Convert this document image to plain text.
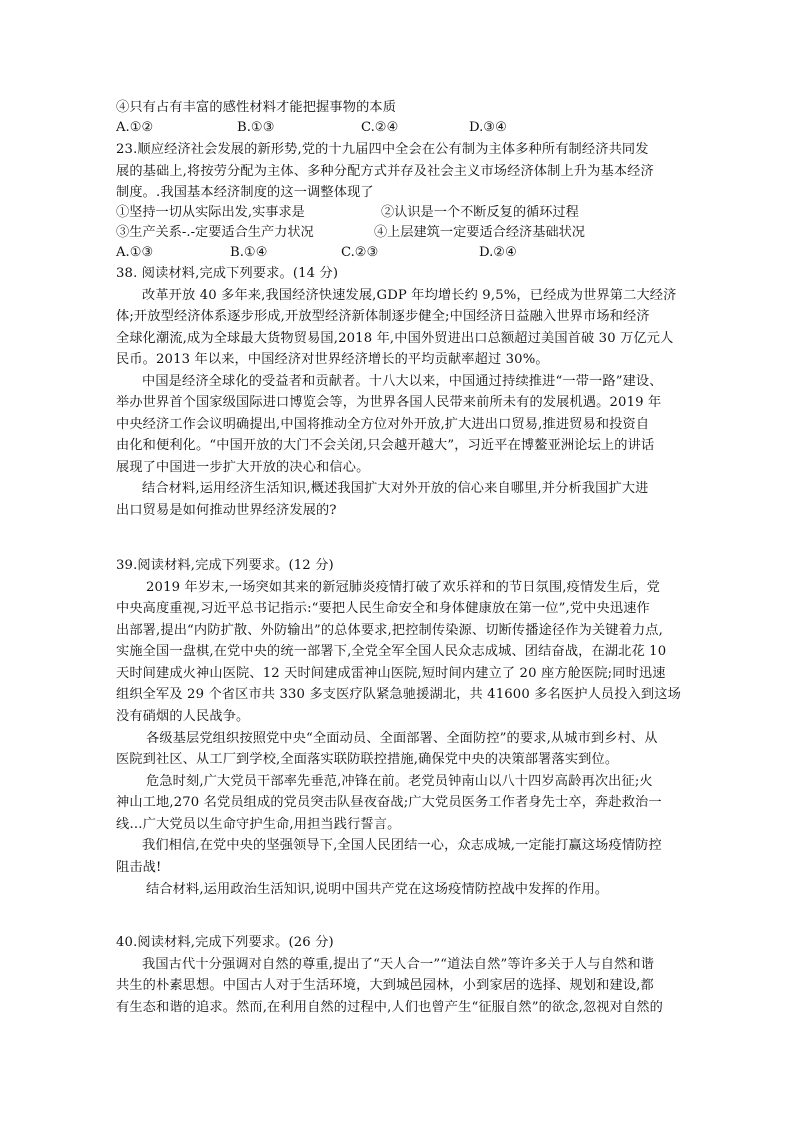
④只有占有丰富的感性材料才能把握事物的本质
A.①②	B.①③	C.②④	D.③④
23.顺应经济社会发展的新形势,党的十九届四中全会在公有制为主体多种所有制经济共同发
展的基础上,将按劳分配为主体、多种分配方式并存及社会主义市场经济体制上升为基本经济
制度。.我国基本经济制度的这一调整体现了
①坚持一切从实际出发,实事求是	②认识是一个不断反复的循环过程
③生产关系-.-定要适合生产力状况	④上层建筑一定要适合经济基础状况
A.①③	B.①④	C.②③	D.②④
38. 阅读材料,完成下列要求。(14 分)
改革开放 40 多年来,我国经济快速发展,GDP 年均增长约 9,5%，已经成为世界第二大经济
体;开放型经济体系逐步形成,开放型经济新体制逐步健全;中国经济日益融入世界市场和经济
全球化潮流,成为全球最大货物贸易国,2018 年,中国外贸进出口总额超过美国首破 30 万亿元人
民币。2013 年以来，中国经济对世界经济增长的平均贡献率超过 30%。
中国是经济全球化的受益者和贡献者。十八大以来，中国通过持续推进“一带一路”建设、
举办世界首个国家级国际进口博览会等，为世界各国人民带来前所未有的发展机遇。2019 年
中央经济工作会议明确提出,中国将推动全方位对外开放,扩大进出口贸易,推进贸易和投资自
由化和便利化。“中国开放的大门不会关闭,只会越开越大”，习近平在博鳌亚洲论坛上的讲话
展现了中国进一步扩大开放的决心和信心。
结合材料,运用经济生活知识,概述我国扩大对外开放的信心来自哪里,并分析我国扩大进
出口贸易是如何推动世界经济发展的?
39.阅读材料,完成下列要求。(12 分)
2019 年岁末,一场突如其来的新冠肺炎疫情打破了欢乐祥和的节日氛围,疫情发生后，党
中央高度重视,习近平总书记指示:“要把人民生命安全和身体健康放在第一位”,党中央迅速作
出部署,提出“内防扩散、外防输出”的总体要求,把控制传染源、切断传播途径作为关键着力点,
实施全国一盘棋,在党中央的统一部署下,全党全军全国人民众志成城、团结奋战，在湖北花 10
天时间建成火神山医院、12 天时间建成雷神山医院,短时间内建立了 20 座方舱医院;同时迅速
组织全军及 29 个省区市共 330 多支医疗队紧急驰援湖北，共 41600 多名医护人员投入到这场
没有硝烟的人民战争。
各级基层党组织按照党中央“全面动员、全面部署、全面防控”的要求,从城市到乡村、从
医院到社区、从工厂到学校,全面落实联防联控措施,确保党中央的决策部署落实到位。
危急时刻,广大党员干部率先垂范,冲锋在前。老党员钟南山以八十四岁高龄再次出征;火
神山工地,270 名党员组成的党员突击队昼夜奋战;广大党员医务工作者身先士卒，奔赴救治一
线…广大党员以生命守护生命,用担当践行誓言。
我们相信,在党中央的坚强领导下,全国人民团结一心，众志成城,一定能打赢这场疫情防控
阻击战!
结合材料,运用政治生活知识,说明中国共产党在这场疫情防控战中发挥的作用。
40.阅读材料,完成下列要求。(26 分)
我国古代十分强调对自然的尊重,提出了“天人合一”“道法自然”等许多关于人与自然和谐
共生的朴素思想。中国古人对于生活环境，大到城邑园林，小到家居的选择、规划和建设,都
有生态和谐的追求。然而,在利用自然的过程中,人们也曾产生“征服自然”的欲念,忽视对自然的
